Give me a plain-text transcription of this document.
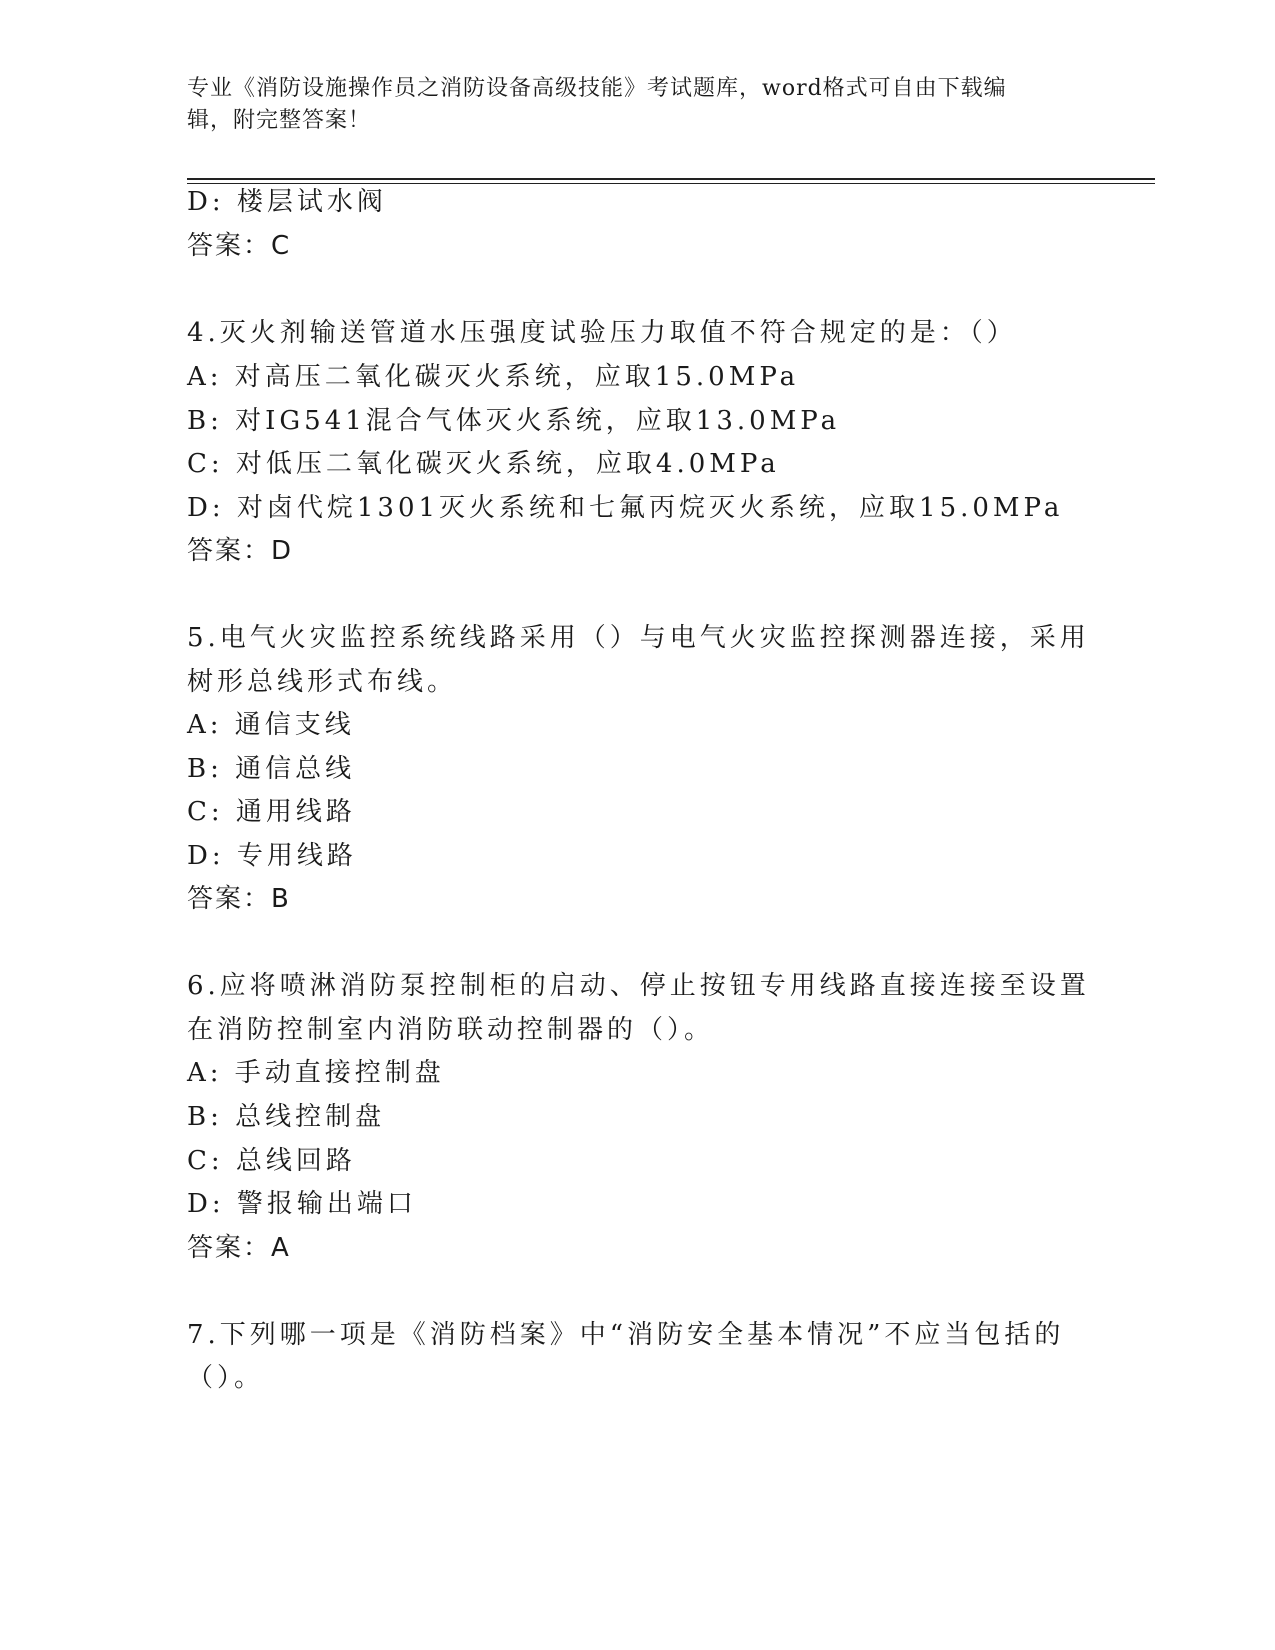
专业《消防设施操作员之消防设备高级技能》考试题库，word格式可自由下载编
辑，附完整答案！
D: 楼层试水阀
答案：C
4.灭火剂输送管道水压强度试验压力取值不符合规定的是：（）
A: 对高压二氧化碳灭火系统，应取15.0MPa
B: 对IG541混合气体灭火系统，应取13.0MPa
C: 对低压二氧化碳灭火系统，应取4.0MPa
D: 对卤代烷1301灭火系统和七氟丙烷灭火系统，应取15.0MPa
答案：D
5.电气火灾监控系统线路采用（）与电气火灾监控探测器连接，采用
树形总线形式布线。
A: 通信支线
B: 通信总线
C: 通用线路
D: 专用线路
答案：B
6.应将喷淋消防泵控制柜的启动、停止按钮专用线路直接连接至设置
在消防控制室内消防联动控制器的（）。
A: 手动直接控制盘
B: 总线控制盘
C: 总线回路
D: 警报输出端口
答案：A
7.下列哪一项是《消防档案》中“消防安全基本情况”不应当包括的
（）。
